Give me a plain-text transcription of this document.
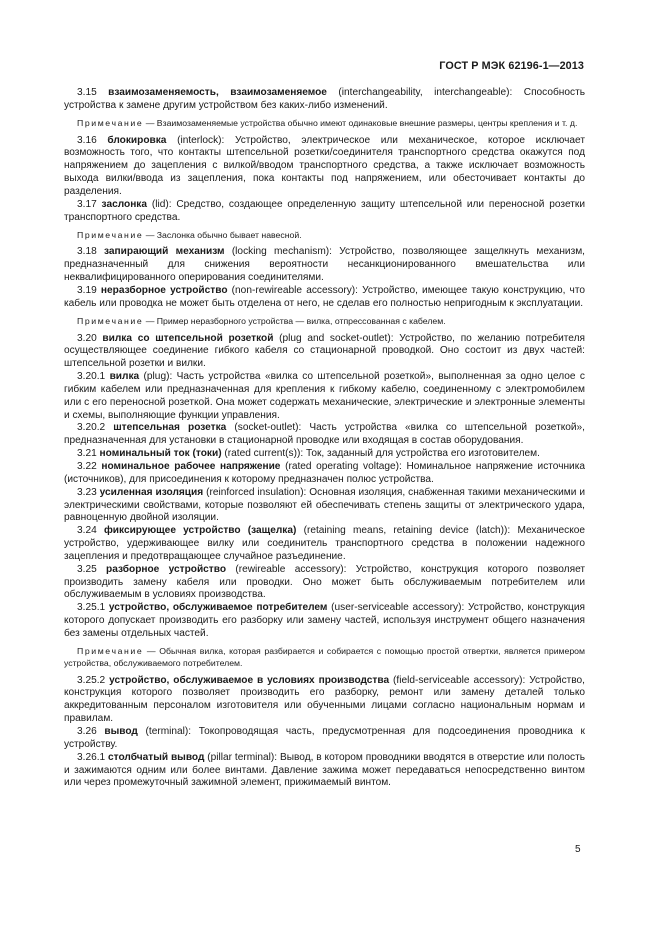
ГОСТ Р МЭК 62196-1—2013

3.15 взаимозаменяемость, взаимозаменяемое (interchangeability, interchangeable): Способность устройства к замене другим устройством без каких-либо изменений.

Примечание — Взаимозаменяемые устройства обычно имеют одинаковые внешние размеры, центры крепления и т. д.

3.16 блокировка (interlock): Устройство, электрическое или механическое, которое исключает возможность того, что контакты штепсельной розетки/соединителя транспортного средства окажутся под напряжением до зацепления с вилкой/вводом транспортного средства, а также исключает возможность выхода вилки/ввода из зацепления, пока контакты под напряжением, или обесточивает контакты до разделения.

3.17 заслонка (lid): Средство, создающее определенную защиту штепсельной или переносной розетки транспортного средства.

Примечание — Заслонка обычно бывает навесной.

3.18 запирающий механизм (locking mechanism): Устройство, позволяющее защелкнуть механизм, предназначенный для снижения вероятности несанкционированного вмешательства или неквалифицированного оперирования соединителями.

3.19 неразборное устройство (non-rewireable accessory): Устройство, имеющее такую конструкцию, что кабель или проводка не может быть отделена от него, не сделав его полностью непригодным к эксплуатации.

Примечание — Пример неразборного устройства — вилка, отпрессованная с кабелем.

3.20 вилка со штепсельной розеткой (plug and socket-outlet): Устройство, по желанию потребителя осуществляющее соединение гибкого кабеля со стационарной проводкой. Оно состоит из двух частей: штепсельной розетки и вилки.

3.20.1 вилка (plug): Часть устройства «вилка со штепсельной розеткой», выполненная за одно целое с гибким кабелем или предназначенная для крепления к гибкому кабелю, соединенному с электромобилем или с его переносной розеткой. Она может содержать механические, электрические и электронные элементы и схемы, выполняющие функции управления.

3.20.2 штепсельная розетка (socket-outlet): Часть устройства «вилка со штепсельной розеткой», предназначенная для установки в стационарной проводке или входящая в состав оборудования.

3.21 номинальный ток (токи) (rated current(s)): Ток, заданный для устройства его изготовителем.

3.22 номинальное рабочее напряжение (rated operating voltage): Номинальное напряжение источника (источников), для присоединения к которому предназначен полюс устройства.

3.23 усиленная изоляция (reinforced insulation): Основная изоляция, снабженная такими механическими и электрическими свойствами, которые позволяют ей обеспечивать степень защиты от электрического удара, равноценную двойной изоляции.

3.24 фиксирующее устройство (защелка) (retaining means, retaining device (latch)): Механическое устройство, удерживающее вилку или соединитель транспортного средства в положении надежного зацепления и предотвращающее случайное разъединение.

3.25 разборное устройство (rewireable accessory): Устройство, конструкция которого позволяет производить замену кабеля или проводки. Оно может быть обслуживаемым потребителем или обслуживаемым в условиях производства.

3.25.1 устройство, обслуживаемое потребителем (user-serviceable accessory): Устройство, конструкция которого допускает производить его разборку или замену частей, используя инструмент общего назначения без замены отдельных частей.

Примечание — Обычная вилка, которая разбирается и собирается с помощью простой отвертки, является примером устройства, обслуживаемого потребителем.

3.25.2 устройство, обслуживаемое в условиях производства (field-serviceable accessory): Устройство, конструкция которого позволяет производить его разборку, ремонт или замену деталей только аккредитованным персоналом изготовителя или обученными лицами согласно национальным нормам и правилам.

3.26 вывод (terminal): Токопроводящая часть, предусмотренная для подсоединения проводника к устройству.

3.26.1 столбчатый вывод (pillar terminal): Вывод, в котором проводники вводятся в отверстие или полость и зажимаются одним или более винтами. Давление зажима может передаваться непосредственно винтом или через промежуточный зажимной элемент, прижимаемый винтом.

5
